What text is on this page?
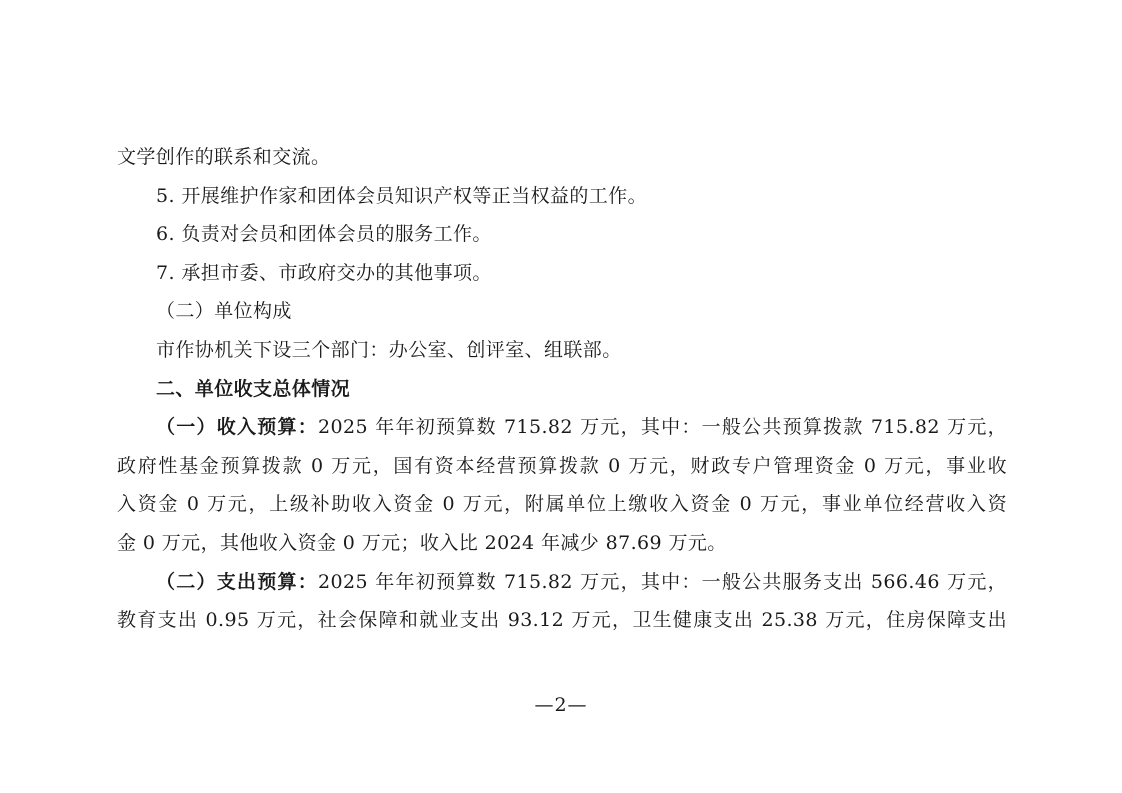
文学创作的联系和交流。
5. 开展维护作家和团体会员知识产权等正当权益的工作。
6. 负责对会员和团体会员的服务工作。
7. 承担市委、市政府交办的其他事项。
（二）单位构成
市作协机关下设三个部门：办公室、创评室、组联部。
二、单位收支总体情况
（一）收入预算：2025 年年初预算数 715.82 万元，其中：一般公共预算拨款 715.82 万元，
政府性基金预算拨款 0 万元，国有资本经营预算拨款 0 万元，财政专户管理资金 0 万元，事业收
入资金 0 万元，上级补助收入资金 0 万元，附属单位上缴收入资金 0 万元，事业单位经营收入资
金 0 万元，其他收入资金 0 万元；收入比 2024 年减少 87.69 万元。
（二）支出预算：2025 年年初预算数 715.82 万元，其中：一般公共服务支出 566.46 万元，
教育支出 0.95 万元，社会保障和就业支出 93.12 万元，卫生健康支出 25.38 万元，住房保障支出
—2—
